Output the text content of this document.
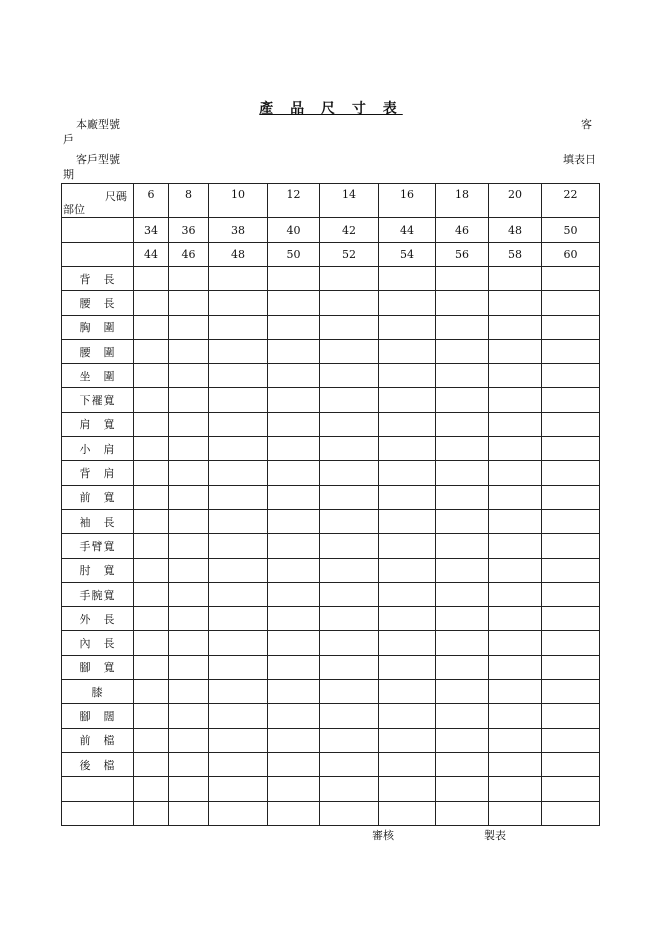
產 品 尺 寸 表
本廠型號	客
戶
客戶型號	填表日
期
尺碼
部位	6	8	10	12	14	16	18	20	22
	34	36	38	40	42	44	46	48	50
	44	46	48	50	52	54	56	58	60
背　長									
腰　長									
胸　圍									
腰　圍									
坐　圍									
下襬寬									
肩　寬									
小　肩									
背　肩									
前　寬									
袖　長									
手臂寬									
肘　寬									
手腕寬									
外　長									
內　長									
腳　寬									
膝									
腳　闊									
前　檔									
後　檔									

審核	製表
